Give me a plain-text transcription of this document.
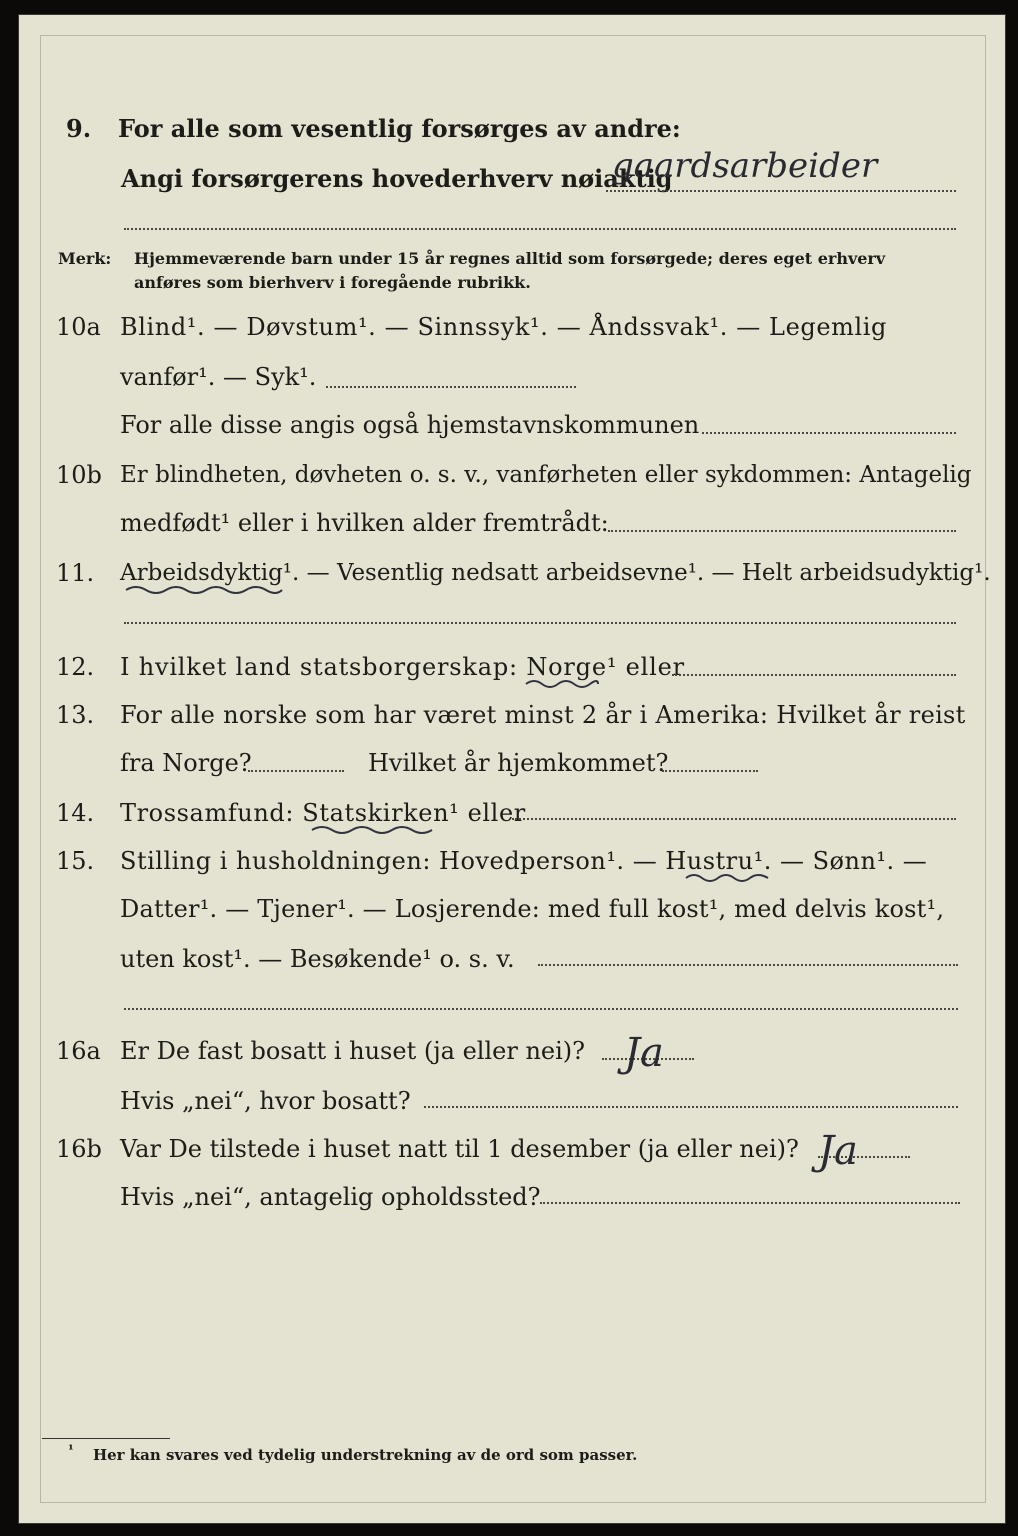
9. For alle som vesentlig forsørges av andre:
Angi forsørgerens hovederhverv nøiaktig
gaardsarbeider
Merk: Hjemmeværende barn under 15 år regnes alltid som forsørgede; deres eget erhverv
anføres som bierhverv i foregående rubrikk.
10a Blind¹. — Døvstum¹. — Sinnssyk¹. — Åndssvak¹. — Legemlig
vanfør¹. — Syk¹.
For alle disse angis også hjemstavnskommunen
10b Er blindheten, døvheten o. s. v., vanførheten eller sykdommen: Antagelig
medfødt¹ eller i hvilken alder fremtrådt:
11. Arbeidsdyktig¹. — Vesentlig nedsatt arbeidsevne¹. — Helt arbeidsudyktig¹.
12. I hvilket land statsborgerskap: Norge¹ eller
13. For alle norske som har været minst 2 år i Amerika: Hvilket år reist
fra Norge?	Hvilket år hjemkommet?
14. Trossamfund: Statskirken¹ eller
15. Stilling i husholdningen: Hovedperson¹. — Hustru¹. — Sønn¹. —
Datter¹. — Tjener¹. — Losjerende: med full kost¹, med delvis kost¹,
uten kost¹. — Besøkende¹ o. s. v.
16a Er De fast bosatt i huset (ja eller nei)? Ja
Hvis „nei“, hvor bosatt?
16b Var De tilstede i huset natt til 1 desember (ja eller nei)? Ja
Hvis „nei“, antagelig opholdssted?
¹ Her kan svares ved tydelig understrekning av de ord som passer.
